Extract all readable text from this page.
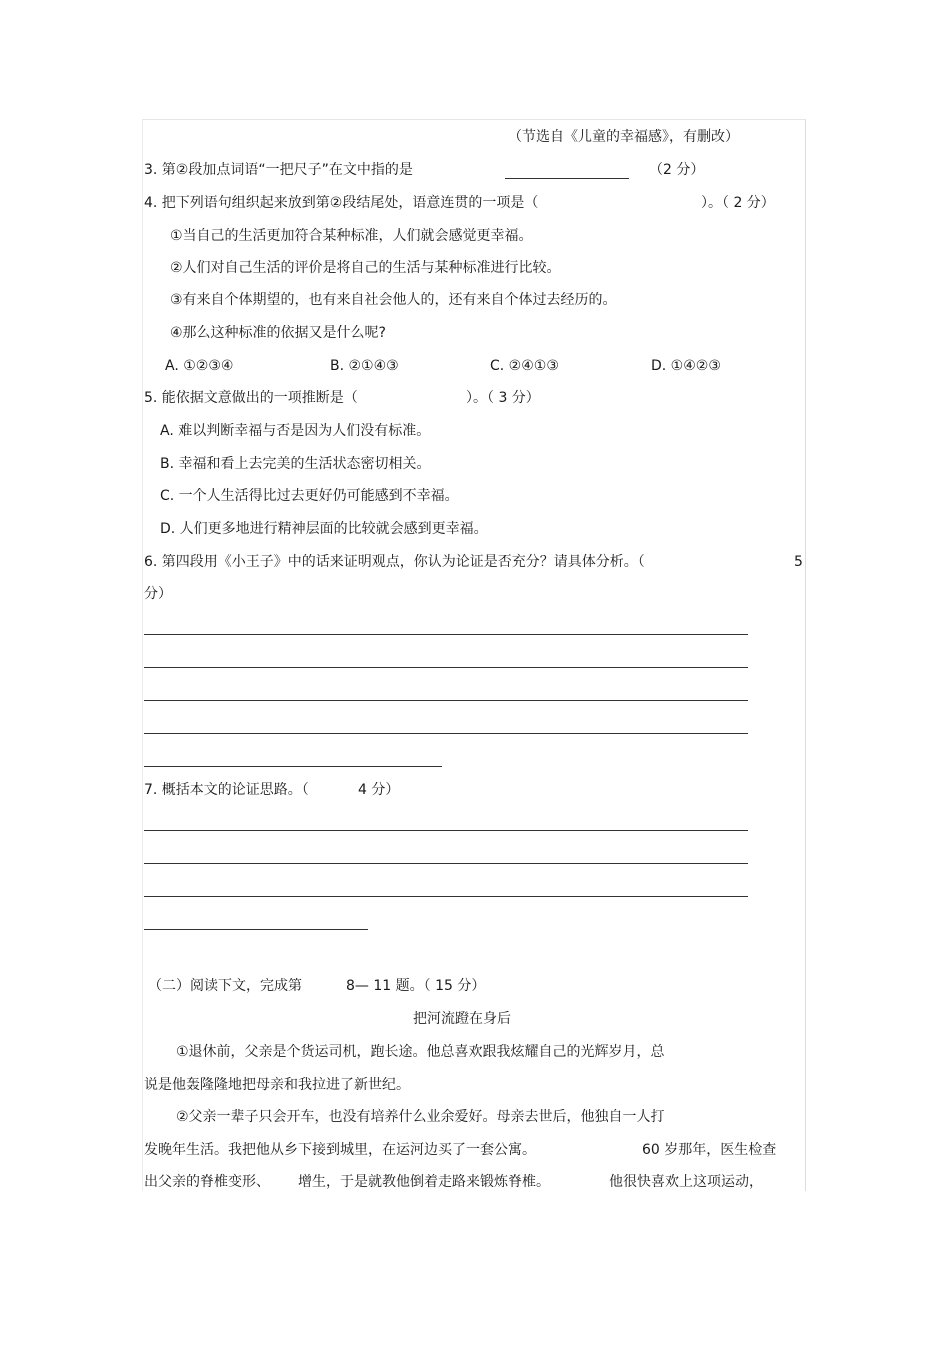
（节选自《儿童的幸福感》，有删改）
3. 第②段加点词语“一把尺子”在文中指的是	（2 分）
4. 把下列语句组织起来放到第②段结尾处，语意连贯的一项是（	）。（ 2 分）
①当自己的生活更加符合某种标准，人们就会感觉更幸福。
②人们对自己生活的评价是将自己的生活与某种标准进行比较。
③有来自个体期望的，也有来自社会他人的，还有来自个体过去经历的。
④那么这种标准的依据又是什么呢?
A. ①②③④	B. ②①④③	C. ②④①③	D. ①④②③
5. 能依据文意做出的一项推断是（	）。（ 3 分）
A. 难以判断幸福与否是因为人们没有标准。
B. 幸福和看上去完美的生活状态密切相关。
C. 一个人生活得比过去更好仍可能感到不幸福。
D. 人们更多地进行精神层面的比较就会感到更幸福。
6. 第四段用《小王子》中的话来证明观点，你认为论证是否充分？请具体分析。（	5
分）
7. 概括本文的论证思路。（	4 分）
（二）阅读下文，完成第	8— 11 题。（ 15 分）
把河流蹬在身后
①退休前，父亲是个货运司机，跑长途。他总喜欢跟我炫耀自己的光辉岁月，总
说是他轰隆隆地把母亲和我拉进了新世纪。
②父亲一辈子只会开车，也没有培养什么业余爱好。母亲去世后，他独自一人打
发晚年生活。我把他从乡下接到城里，在运河边买了一套公寓。	60 岁那年，医生检查
出父亲的脊椎变形、 增生，于是就教他倒着走路来锻炼脊椎。	他很快喜欢上这项运动，
